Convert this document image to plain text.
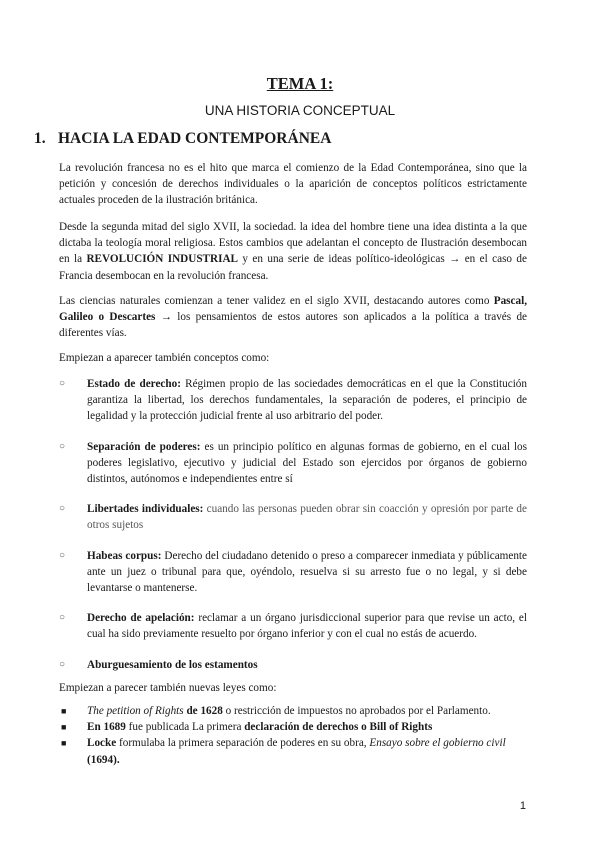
TEMA 1:
UNA HISTORIA CONCEPTUAL
1. HACIA LA EDAD CONTEMPORÁNEA

La revolución francesa no es el hito que marca el comienzo de la Edad Contemporánea, sino que la petición y concesión de derechos individuales o la aparición de conceptos políticos estrictamente actuales proceden de la ilustración británica.

Desde la segunda mitad del siglo XVII, la sociedad. la idea del hombre tiene una idea distinta a la que dictaba la teología moral religiosa. Estos cambios que adelantan el concepto de Ilustración desembocan en la REVOLUCIÓN INDUSTRIAL y en una serie de ideas político-ideológicas → en el caso de Francia desembocan en la revolución francesa.

Las ciencias naturales comienzan a tener validez en el siglo XVII, destacando autores como Pascal, Galileo o Descartes → los pensamientos de estos autores son aplicados a la política a través de diferentes vías.

Empiezan a aparecer también conceptos como:

○ Estado de derecho: Régimen propio de las sociedades democráticas en el que la Constitución garantiza la libertad, los derechos fundamentales, la separación de poderes, el principio de legalidad y la protección judicial frente al uso arbitrario del poder.
○ Separación de poderes: es un principio político en algunas formas de gobierno, en el cual los poderes legislativo, ejecutivo y judicial del Estado son ejercidos por órganos de gobierno distintos, autónomos e independientes entre sí
○ Libertades individuales: cuando las personas pueden obrar sin coacción y opresión por parte de otros sujetos
○ Habeas corpus: Derecho del ciudadano detenido o preso a comparecer inmediata y públicamente ante un juez o tribunal para que, oyéndolo, resuelva si su arresto fue o no legal, y si debe levantarse o mantenerse.
○ Derecho de apelación: reclamar a un órgano jurisdiccional superior para que revise un acto, el cual ha sido previamente resuelto por órgano inferior y con el cual no estás de acuerdo.
○ Aburguesamiento de los estamentos

Empiezan a parecer también nuevas leyes como:

■ The petition of Rights de 1628 o restricción de impuestos no aprobados por el Parlamento.
■ En 1689 fue publicada La primera declaración de derechos o Bill of Rights
■ Locke formulaba la primera separación de poderes en su obra, Ensayo sobre el gobierno civil (1694).
1
